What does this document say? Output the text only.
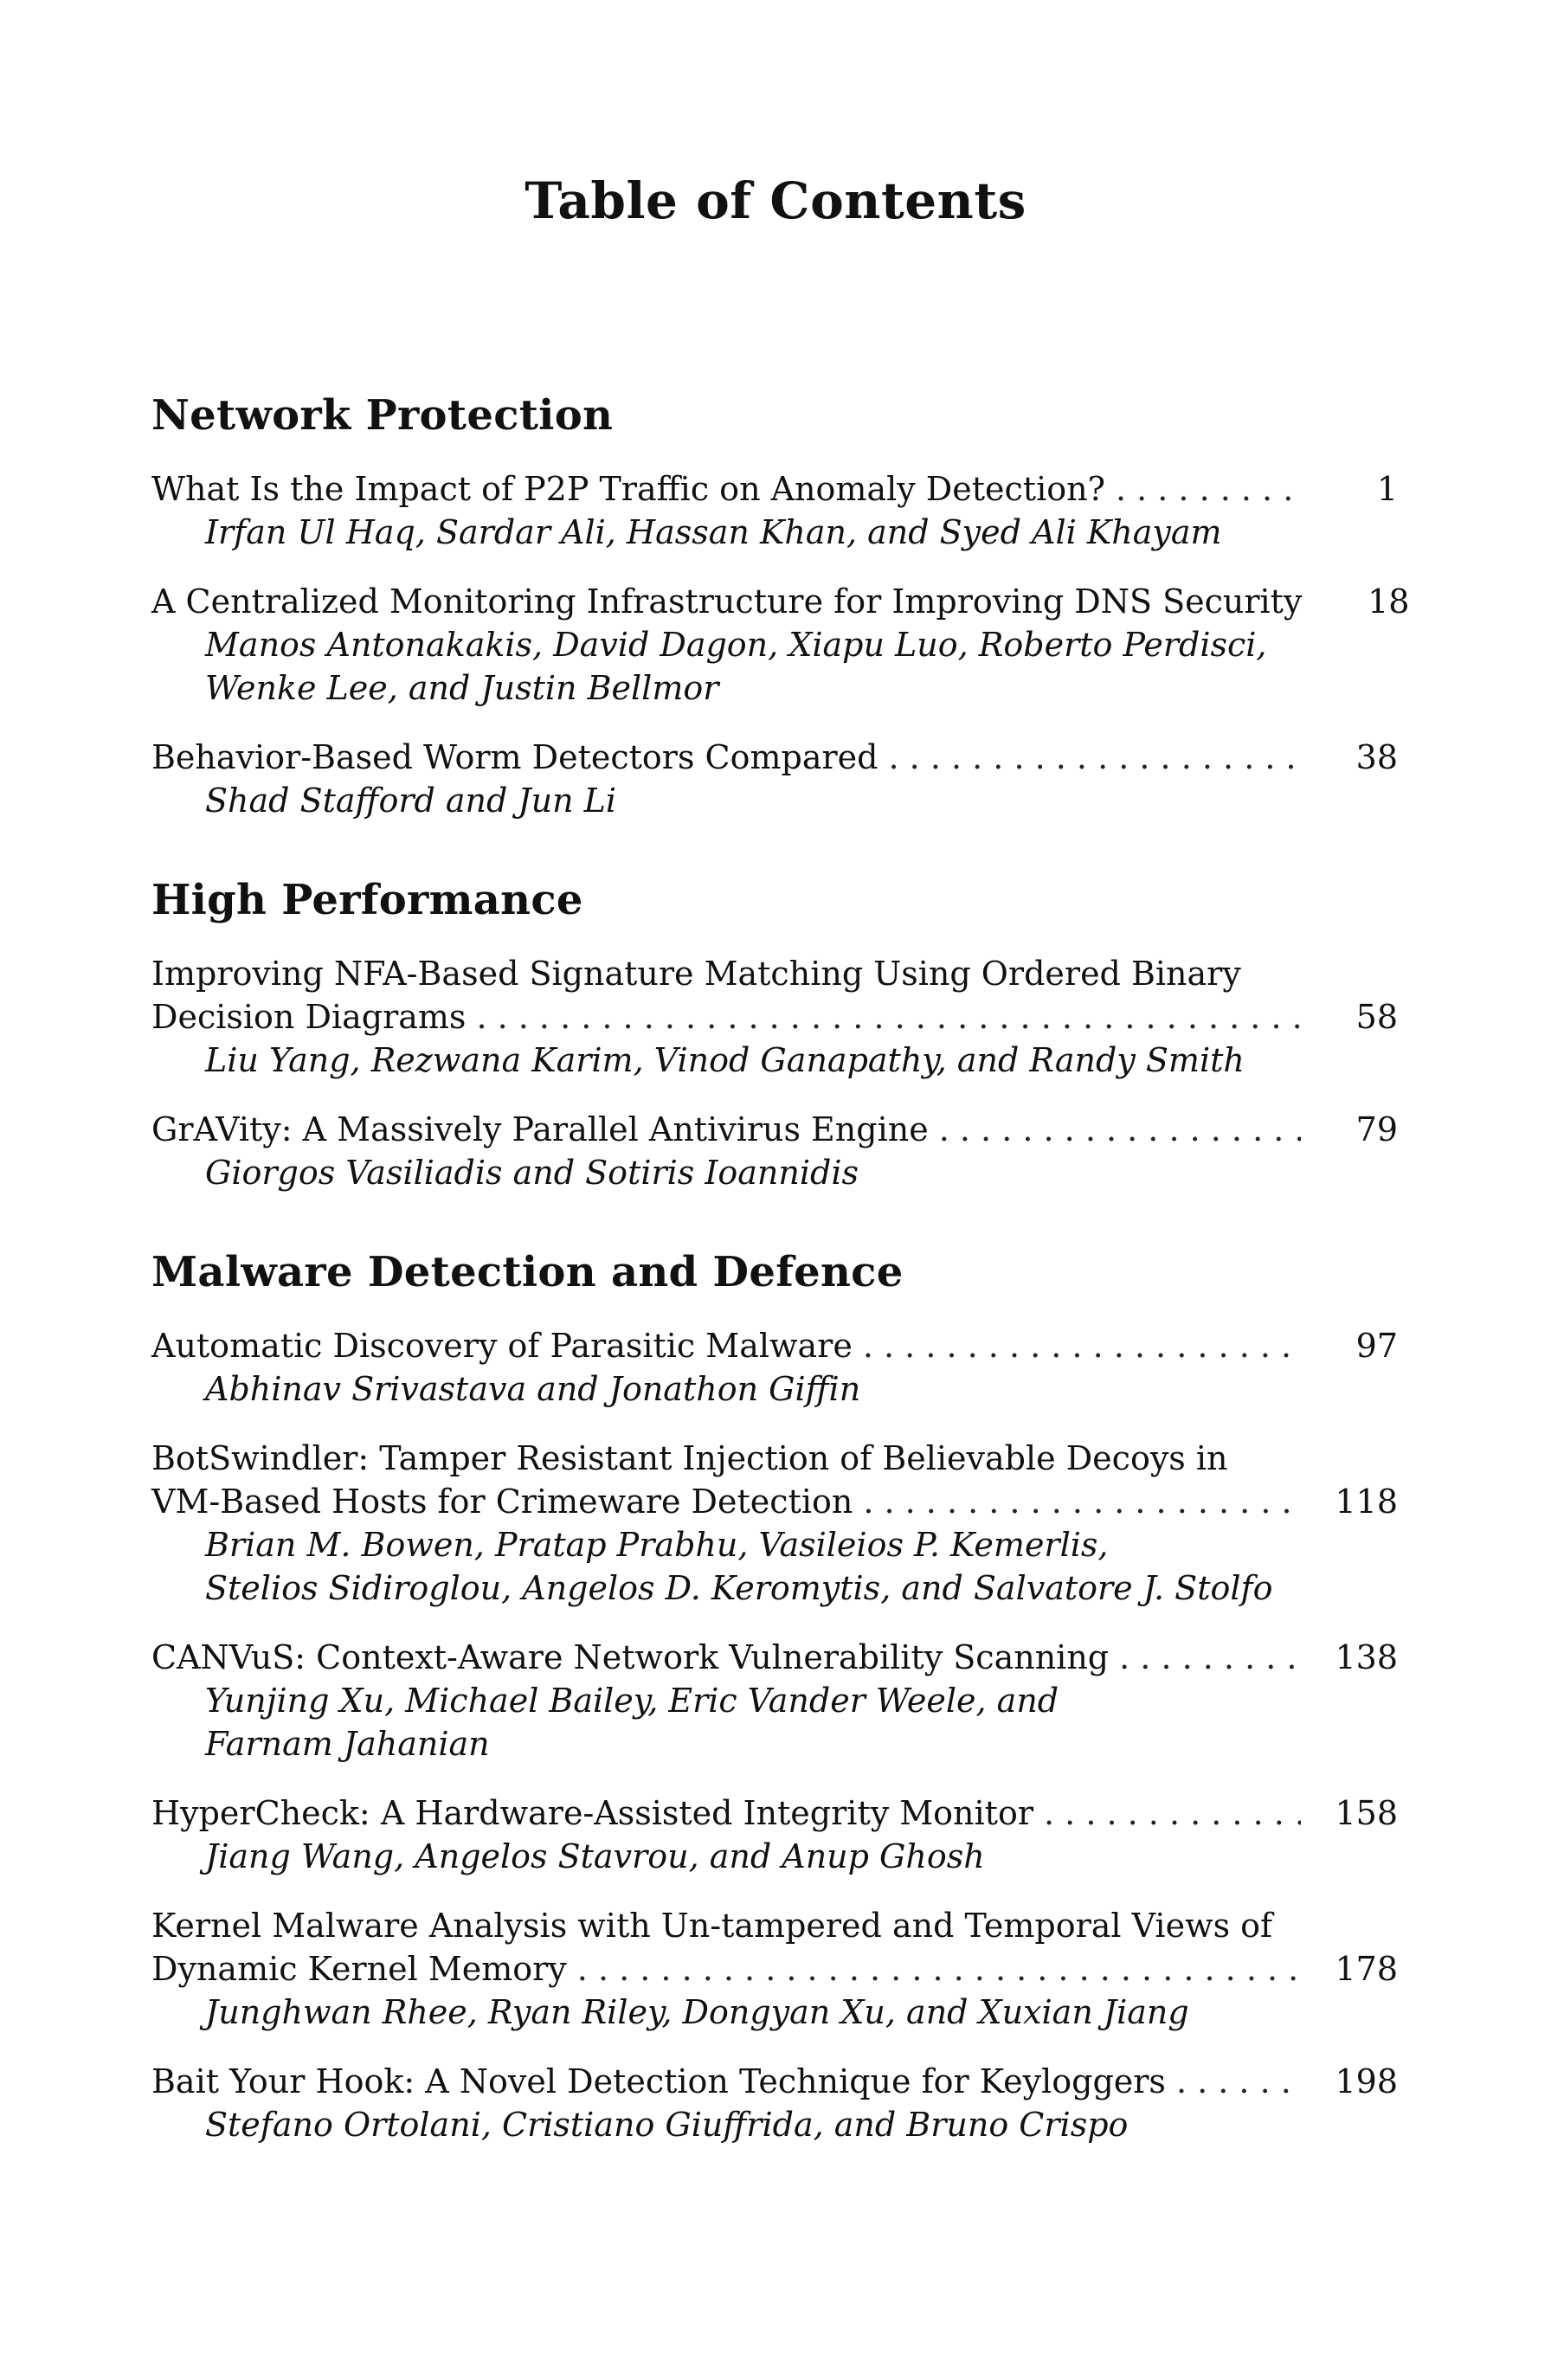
Table of Contents
Network Protection
What Is the Impact of P2P Traffic on Anomaly Detection? . . .	1
Irfan Ul Haq, Sardar Ali, Hassan Khan, and Syed Ali Khayam
A Centralized Monitoring Infrastructure for Improving DNS Security	18
Manos Antonakakis, David Dagon, Xiapu Luo, Roberto Perdisci,
Wenke Lee, and Justin Bellmor
Behavior-Based Worm Detectors Compared . . .	38
Shad Stafford and Jun Li
High Performance
Improving NFA-Based Signature Matching Using Ordered Binary
Decision Diagrams . . .	58
Liu Yang, Rezwana Karim, Vinod Ganapathy, and Randy Smith
GrAVity: A Massively Parallel Antivirus Engine . . .	79
Giorgos Vasiliadis and Sotiris Ioannidis
Malware Detection and Defence
Automatic Discovery of Parasitic Malware . . .	97
Abhinav Srivastava and Jonathon Giffin
BotSwindler: Tamper Resistant Injection of Believable Decoys in
VM-Based Hosts for Crimeware Detection . . .	118
Brian M. Bowen, Pratap Prabhu, Vasileios P. Kemerlis,
Stelios Sidiroglou, Angelos D. Keromytis, and Salvatore J. Stolfo
CANVuS: Context-Aware Network Vulnerability Scanning . . .	138
Yunjing Xu, Michael Bailey, Eric Vander Weele, and
Farnam Jahanian
HyperCheck: A Hardware-Assisted Integrity Monitor . . .	158
Jiang Wang, Angelos Stavrou, and Anup Ghosh
Kernel Malware Analysis with Un-tampered and Temporal Views of
Dynamic Kernel Memory . . .	178
Junghwan Rhee, Ryan Riley, Dongyan Xu, and Xuxian Jiang
Bait Your Hook: A Novel Detection Technique for Keyloggers . . .	198
Stefano Ortolani, Cristiano Giuffrida, and Bruno Crispo
